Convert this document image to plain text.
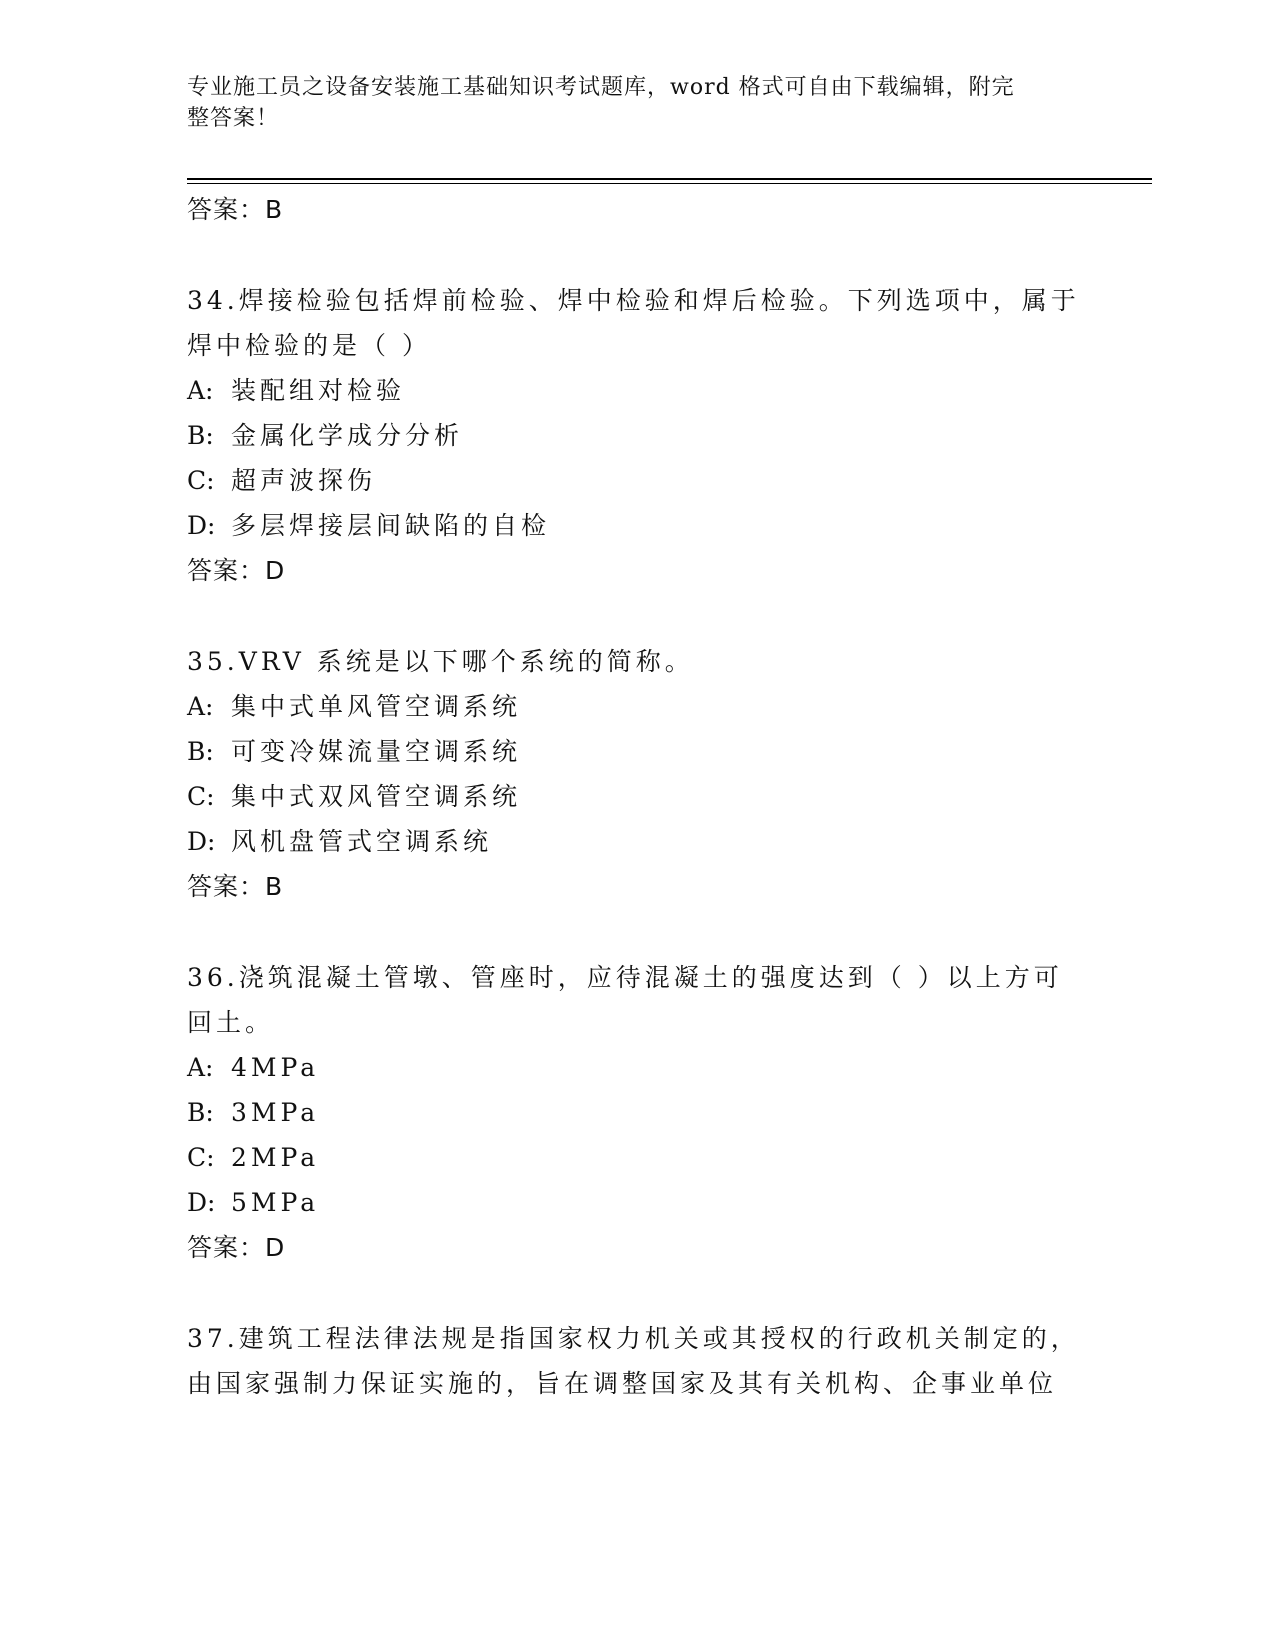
专业施工员之设备安装施工基础知识考试题库，word 格式可自由下载编辑，附完
整答案！
答案：B
34.焊接检验包括焊前检验、焊中检验和焊后检验。下列选项中，属于
焊中检验的是（ ）
A: 装配组对检验
B: 金属化学成分分析
C: 超声波探伤
D: 多层焊接层间缺陷的自检
答案：D
35.VRV 系统是以下哪个系统的简称。
A: 集中式单风管空调系统
B: 可变冷媒流量空调系统
C: 集中式双风管空调系统
D: 风机盘管式空调系统
答案：B
36.浇筑混凝土管墩、管座时，应待混凝土的强度达到（ ）以上方可
回土。
A: 4MPa
B: 3MPa
C: 2MPa
D: 5MPa
答案：D
37.建筑工程法律法规是指国家权力机关或其授权的行政机关制定的，
由国家强制力保证实施的，旨在调整国家及其有关机构、企事业单位
